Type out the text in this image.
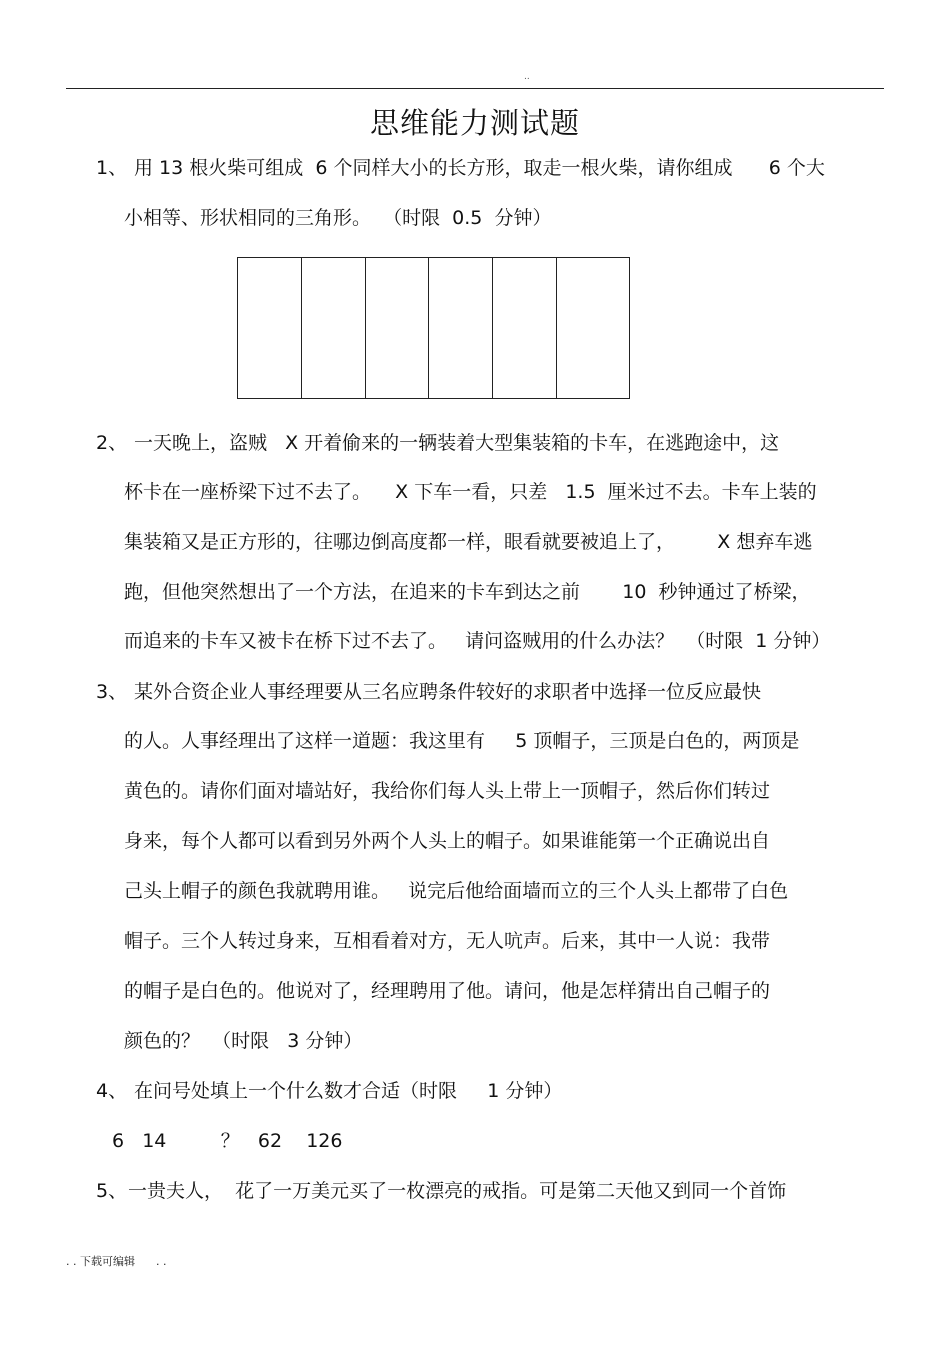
..
思维能力测试题
1、 用 13 根火柴可组成  6 个同样大小的长方形，取走一根火柴，请你组成      6 个大
小相等、形状相同的三角形。  （时限  0.5  分钟）
2、 一天晚上，盗贼   X 开着偷来的一辆装着大型集装箱的卡车，在逃跑途中，这
杯卡在一座桥梁下过不去了。    X 下车一看，只差   1.5  厘米过不去。卡车上装的
集装箱又是正方形的，往哪边倒高度都一样，眼看就要被追上了，       X 想弃车逃
跑，但他突然想出了一个方法，在追来的卡车到达之前       10  秒钟通过了桥梁，
而追来的卡车又被卡在桥下过不去了。   请问盗贼用的什么办法？  （时限  1 分钟）
3、 某外合资企业人事经理要从三名应聘条件较好的求职者中选择一位反应最快
的人。人事经理出了这样一道题：我这里有     5 顶帽子，三顶是白色的，两顶是
黄色的。请你们面对墙站好，我给你们每人头上带上一顶帽子，然后你们转过
身来，每个人都可以看到另外两个人头上的帽子。如果谁能第一个正确说出自
己头上帽子的颜色我就聘用谁。   说完后他给面墙而立的三个人头上都带了白色
帽子。三个人转过身来，互相看着对方，无人吭声。后来，其中一人说：我带
的帽子是白色的。他说对了，经理聘用了他。请问，他是怎样猜出自己帽子的
颜色的？  （时限   3 分钟）
4、 在问号处填上一个什么数才合适（时限     1 分钟）
6   14         ？   62    126
5、 一贵夫人，  花了一万美元买了一枚漂亮的戒指。可是第二天他又到同一个首饰
. . 下载可编辑      . .
